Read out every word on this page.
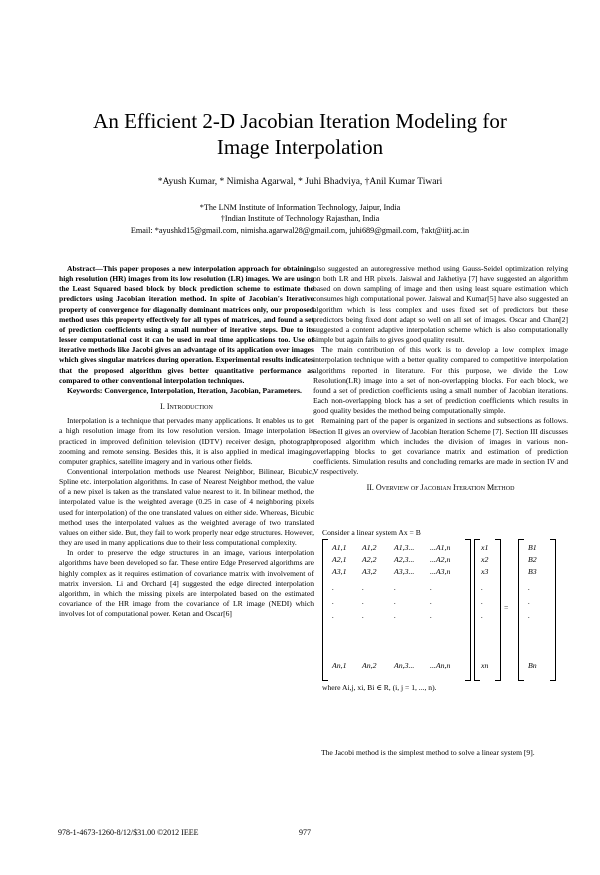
An Efficient 2-D Jacobian Iteration Modeling for
Image Interpolation
*Ayush Kumar, * Nimisha Agarwal, * Juhi Bhadviya, †Anil Kumar Tiwari
*The LNM Institute of Information Technology, Jaipur, India
†Indian Institute of Technology Rajasthan, India
Email: *ayushkd15@gmail.com, nimisha.agarwal28@gmail.com, juhi689@gmail.com, †akt@iitj.ac.in

Abstract—This paper proposes a new interpolation approach for obtaining high resolution (HR) images from its low resolution (LR) images. We are using the Least Squared based block by block prediction scheme to estimate the predictors using Jacobian iteration method. In spite of Jacobian's Iterative property of convergence for diagonally dominant matrices only, our proposed method uses this property effectively for all types of matrices, and found a set of prediction coefficients using a small number of iterative steps. Due to its lesser computational cost it can be used in real time applications too. Use of iterative methods like Jacobi gives an advantage of its application over images which gives singular matrices during operation. Experimental results indicates that the proposed algorithm gives better quantitative performance as compared to other conventional interpolation techniques.

Keywords: Convergence, Interpolation, Iteration, Jacobian, Parameters.

I. Introduction

Interpolation is a technique that pervades many applications. It enables us to get a high resolution image from its low resolution version. Image interpolation is practiced in improved definition television (IDTV) receiver design, photograph zooming and remote sensing. Besides this, it is also applied in medical imaging, computer graphics, satellite imagery and in various other fields.

Conventional interpolation methods use Nearest Neighbor, Bilinear, Bicubic, Spline etc. interpolation algorithms. In case of Nearest Neighbor method, the value of a new pixel is taken as the translated value nearest to it. In bilinear method, the interpolated value is the weighted average (0.25 in case of 4 neighboring pixels used for interpolation) of the one translated values on either side. Whereas, Bicubic method uses the interpolated values as the weighted average of two translated values on either side. But, they fail to work properly near edge structures. However, they are used in many applications due to their less computational complexity.

In order to preserve the edge structures in an image, various interpolation algorithms have been developed so far. These entire Edge Preserved algorithms are highly complex as it requires estimation of covariance matrix with involvement of matrix inversion. Li and Orchard [4] suggested the edge directed interpolation algorithm, in which the missing pixels are interpolated based on the estimated covariance of the HR image from the covariance of LR image (NEDI) which involves lot of computational power. Ketan and Oscar[6]

also suggested an autoregressive method using Gauss-Seidel optimization relying on both LR and HR pixels. Jaiswal and Jakhetiya [7] have suggested an algorithm based on down sampling of image and then using least square estimation which consumes high computational power. Jaiswal and Kumar[5] have also suggested an algorithm which is less complex and uses fixed set of predictors but these predictors being fixed dont adapt so well on all set of images. Oscar and Chan[2] suggested a content adaptive interpolation scheme which is also computationally simple but again fails to gives good quality result.

The main contribution of this work is to develop a low complex image interpolation technique with a better quality compared to competitive interpolation algorithms reported in literature. For this purpose, we divide the Low Resolution(LR) image into a set of non-overlapping blocks. For each block, we found a set of prediction coefficients using a small number of Jacobian iterations. Each non-overlapping block has a set of prediction coefficients which results in good quality besides the method being computationally simple.

Remaining part of the paper is organized in sections and subsections as follows. Section II gives an overview of Jacobian Iteration Scheme [7]. Section III discusses proposed algorithm which includes the division of images in various non-overlapping blocks to get covariance matrix and estimation of prediction coefficients. Simulation results and concluding remarks are made in section IV and V respectively.

II. Overview of Jacobian Iteration Method
Consider a linear system Ax = B
=
A1,1 A1,2 A1,3... ...A1,n
A2,1 A2,2 A2,3... ...A2,n
A3,1 A3,2 A3,3... ...A3,n
.	.	.	.
.	.	.	.
.	.	.	.
An,1 An,2 An,3... ...An,n
x1
x2
x3
.
.
.
xn
B1
B2
B3
.
.
.
Bn
where Ai,j, xi, Bi ∈ R, (i, j = 1, ..., n).

The Jacobi method is the simplest method to solve a linear system [9].

978-1-4673-1260-8/12/$31.00 ©2012 IEEE	977
